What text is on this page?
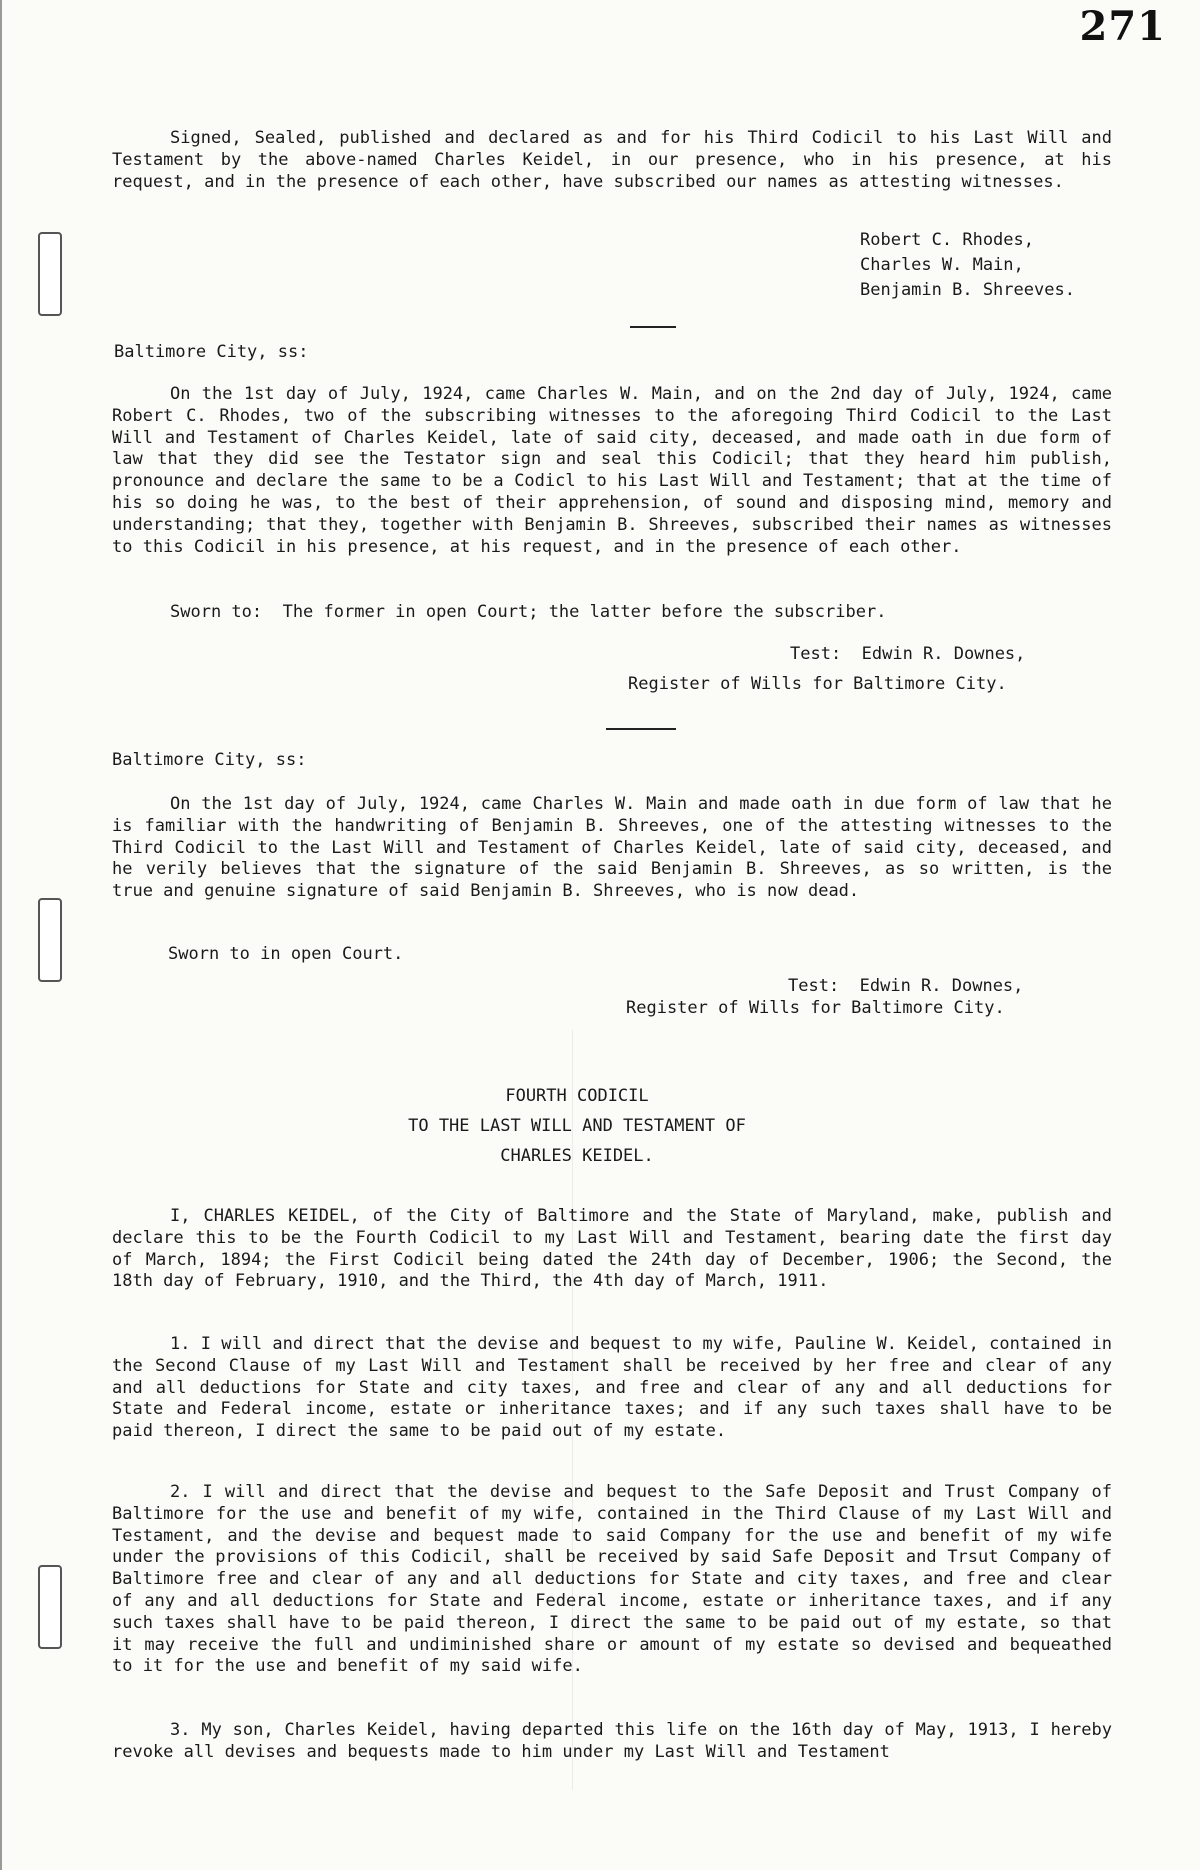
271

Signed, Sealed, published and declared as and for his Third Codicil to his Last Will and Testament by the above-named Charles Keidel, in our presence, who in his presence, at his request, and in the presence of each other, have subscribed our names as attesting witnesses.

Robert C. Rhodes,
Charles W. Main,
Benjamin B. Shreeves.
Baltimore City, ss:

On the 1st day of July, 1924, came Charles W. Main, and on the 2nd day of July, 1924, came Robert C. Rhodes, two of the subscribing witnesses to the aforegoing Third Codicil to the Last Will and Testament of Charles Keidel, late of said city, deceased, and made oath in due form of law that they did see the Testator sign and seal this Codicil; that they heard him publish, pronounce and declare the same to be a Codicl to his Last Will and Testament; that at the time of his so doing he was, to the best of their apprehension, of sound and disposing mind, memory and understanding; that they, together with Benjamin B. Shreeves, subscribed their names as witnesses to this Codicil in his presence, at his request, and in the presence of each other.

Sworn to:  The former in open Court; the latter before the subscriber.
Test:  Edwin R. Downes,
Register of Wills for Baltimore City.
Baltimore City, ss:

On the 1st day of July, 1924, came Charles W. Main and made oath in due form of law that he is familiar with the handwriting of Benjamin B. Shreeves, one of the attesting witnesses to the Third Codicil to the Last Will and Testament of Charles Keidel, late of said city, deceased, and he verily believes that the signature of the said Benjamin B. Shreeves, as so written, is the true and genuine signature of said Benjamin B. Shreeves, who is now dead.

Sworn to in open Court.
Test:  Edwin R. Downes,
Register of Wills for Baltimore City.
FOURTH CODICIL
TO THE LAST WILL AND TESTAMENT OF
CHARLES KEIDEL.

I, CHARLES KEIDEL, of the City of Baltimore and the State of Maryland, make, publish and declare this to be the Fourth Codicil to my Last Will and Testament, bearing date the first day of March, 1894; the First Codicil being dated the 24th day of December, 1906; the Second, the 18th day of February, 1910, and the Third, the 4th day of March, 1911.

1. I will and direct that the devise and bequest to my wife, Pauline W. Keidel, contained in the Second Clause of my Last Will and Testament shall be received by her free and clear of any and all deductions for State and city taxes, and free and clear of any and all deductions for State and Federal income, estate or inheritance taxes; and if any such taxes shall have to be paid thereon, I direct the same to be paid out of my estate.

2. I will and direct that the devise and bequest to the Safe Deposit and Trust Company of Baltimore for the use and benefit of my wife, contained in the Third Clause of my Last Will and Testament, and the devise and bequest made to said Company for the use and benefit of my wife under the provisions of this Codicil, shall be received by said Safe Deposit and Trsut Company of Baltimore free and clear of any and all deductions for State and city taxes, and free and clear of any and all deductions for State and Federal income, estate or inheritance taxes, and if any such taxes shall have to be paid thereon, I direct the same to be paid out of my estate, so that it may receive the full and undiminished share or amount of my estate so devised and bequeathed to it for the use and benefit of my said wife.

3. My son, Charles Keidel, having departed this life on the 16th day of May, 1913, I hereby revoke all devises and bequests made to him under my Last Will and Testament
